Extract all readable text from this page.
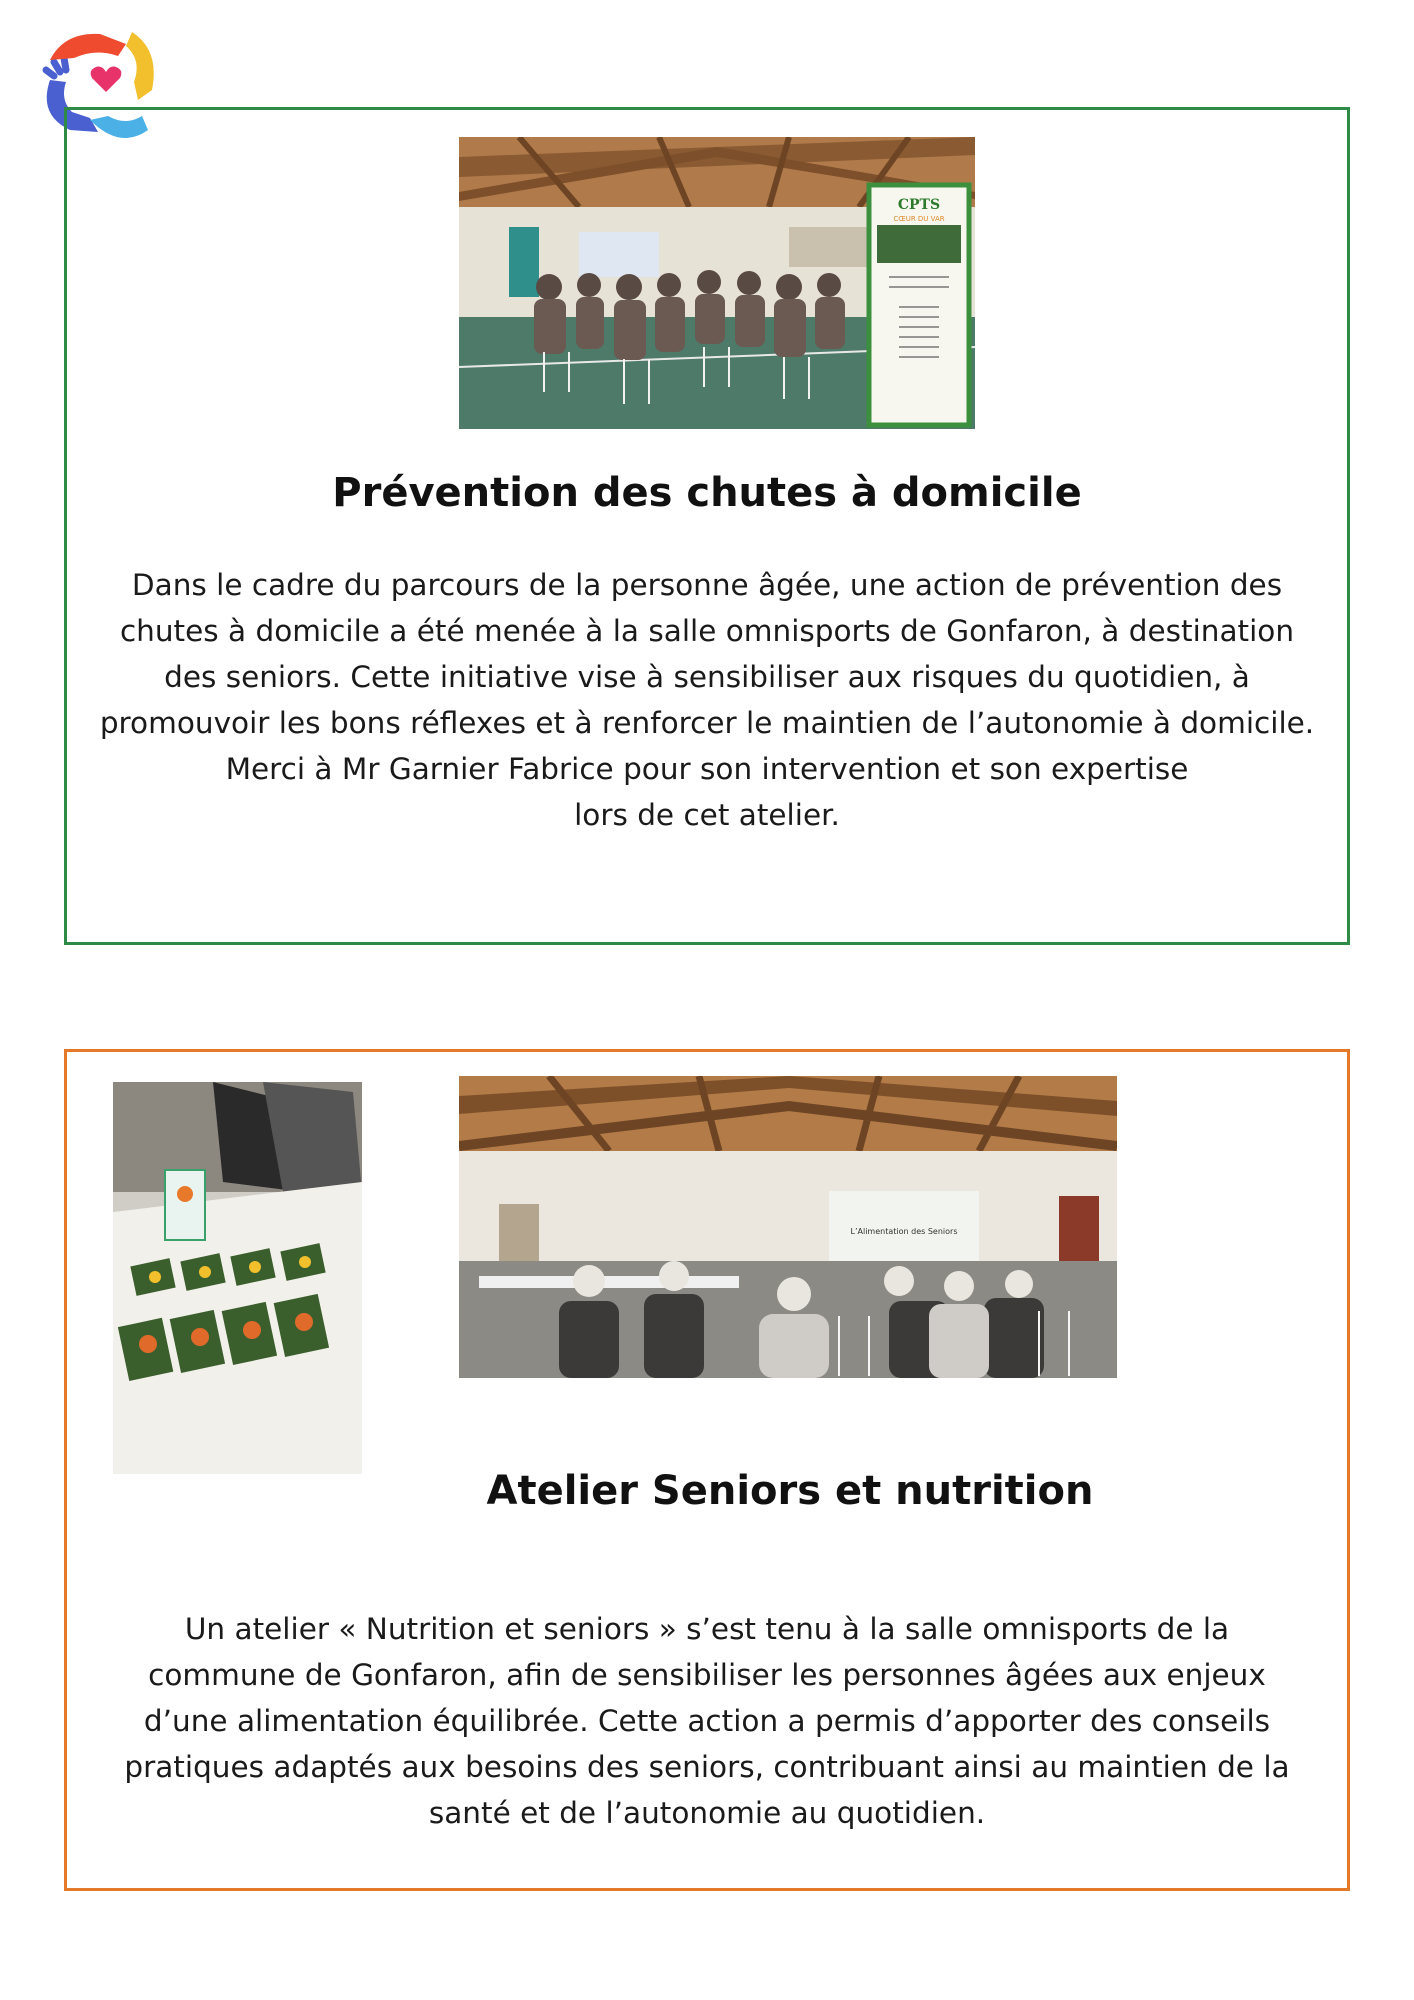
CPTS
CŒUR DU VAR
Prévention des chutes à domicile

Dans le cadre du parcours de la personne âgée, une action de prévention des chutes à domicile a été menée à la salle omnisports de Gonfaron, à destination des seniors. Cette initiative vise à sensibiliser aux risques du quotidien, à promouvoir les bons réflexes et à renforcer le maintien de l’autonomie à domicile.

Merci à Mr Garnier Fabrice pour son intervention et son expertise

lors de cet atelier.

L’Alimentation des Seniors
Atelier Seniors et nutrition

Un atelier « Nutrition et seniors » s’est tenu à la salle omnisports de la commune de Gonfaron, afin de sensibiliser les personnes âgées aux enjeux d’une alimentation équilibrée. Cette action a permis d’apporter des conseils pratiques adaptés aux besoins des seniors, contribuant ainsi au maintien de la santé et de l’autonomie au quotidien.
